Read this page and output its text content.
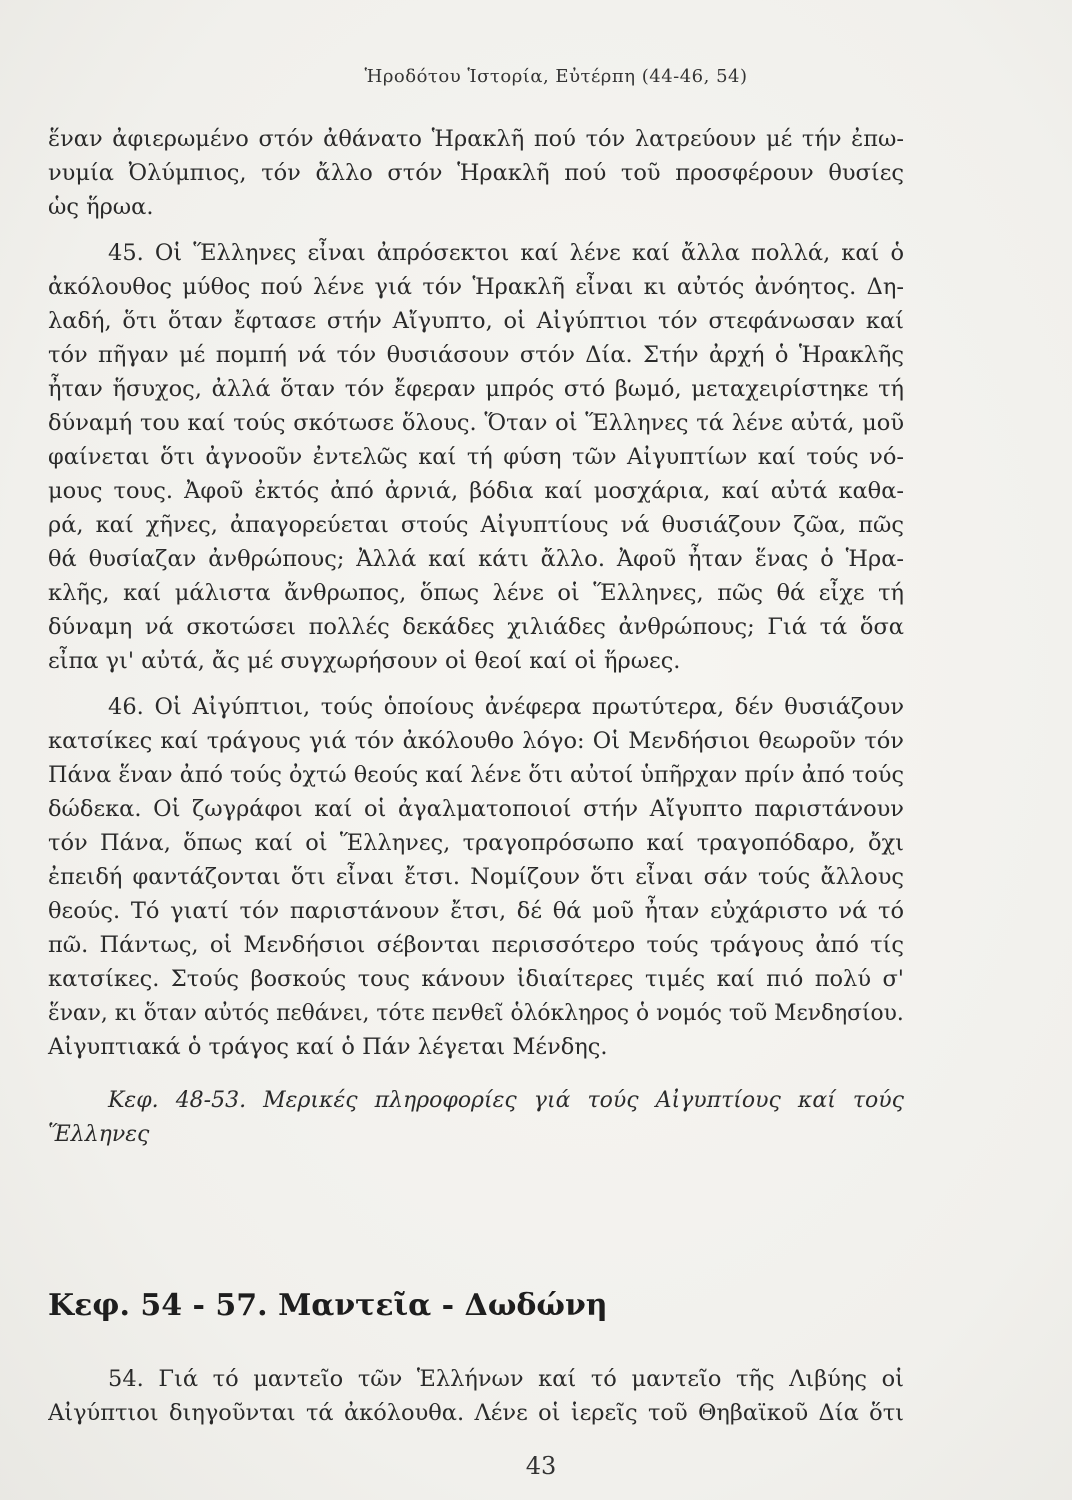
Ἡροδότου Ἱστορία, Εὐτέρπη (44-46, 54)
ἕναν ἀφιερωμένο στόν ἀθάνατο Ἡρακλῆ πού τόν λατρεύουν μέ τήν ἐπω-
νυμία Ὀλύμπιος, τόν ἄλλο στόν Ἡρακλῆ πού τοῦ προσφέρουν θυσίες
ὡς ἥρωα.
45. Οἱ Ἕλληνες εἶναι ἀπρόσεκτοι καί λένε καί ἄλλα πολλά, καί ὁ
ἀκόλουθος μύθος πού λένε γιά τόν Ἡρακλῆ εἶναι κι αὐτός ἀνόητος. Δη-
λαδή, ὅτι ὅταν ἔφτασε στήν Αἴγυπτο, οἱ Αἰγύπτιοι τόν στεφάνωσαν καί
τόν πῆγαν μέ πομπή νά τόν θυσιάσουν στόν Δία. Στήν ἀρχή ὁ Ἡρακλῆς
ἦταν ἥσυχος, ἀλλά ὅταν τόν ἔφεραν μπρός στό βωμό, μεταχειρίστηκε τή
δύναμή του καί τούς σκότωσε ὅλους. Ὅταν οἱ Ἕλληνες τά λένε αὐτά, μοῦ
φαίνεται ὅτι ἀγνοοῦν ἐντελῶς καί τή φύση τῶν Αἰγυπτίων καί τούς νό-
μους τους. Ἀφοῦ ἐκτός ἀπό ἀρνιά, βόδια καί μοσχάρια, καί αὐτά καθα-
ρά, καί χῆνες, ἀπαγορεύεται στούς Αἰγυπτίους νά θυσιάζουν ζῶα, πῶς
θά θυσίαζαν ἀνθρώπους; Ἀλλά καί κάτι ἄλλο. Ἀφοῦ ἦταν ἕνας ὁ Ἡρα-
κλῆς, καί μάλιστα ἄνθρωπος, ὅπως λένε οἱ Ἕλληνες, πῶς θά εἶχε τή
δύναμη νά σκοτώσει πολλές δεκάδες χιλιάδες ἀνθρώπους; Γιά τά ὅσα
εἶπα γι' αὐτά, ἄς μέ συγχωρήσουν οἱ θεοί καί οἱ ἥρωες.
46. Οἱ Αἰγύπτιοι, τούς ὁποίους ἀνέφερα πρωτύτερα, δέν θυσιάζουν
κατσίκες καί τράγους γιά τόν ἀκόλουθο λόγο: Οἱ Μενδήσιοι θεωροῦν τόν
Πάνα ἕναν ἀπό τούς ὀχτώ θεούς καί λένε ὅτι αὐτοί ὑπῆρχαν πρίν ἀπό τούς
δώδεκα. Οἱ ζωγράφοι καί οἱ ἀγαλματοποιοί στήν Αἴγυπτο παριστάνουν
τόν Πάνα, ὅπως καί οἱ Ἕλληνες, τραγοπρόσωπο καί τραγοπόδαρο, ὄχι
ἐπειδή φαντάζονται ὅτι εἶναι ἔτσι. Νομίζουν ὅτι εἶναι σάν τούς ἄλλους
θεούς. Τό γιατί τόν παριστάνουν ἔτσι, δέ θά μοῦ ἦταν εὐχάριστο νά τό
πῶ. Πάντως, οἱ Μενδήσιοι σέβονται περισσότερο τούς τράγους ἀπό τίς
κατσίκες. Στούς βοσκούς τους κάνουν ἰδιαίτερες τιμές καί πιό πολύ σ'
ἕναν, κι ὅταν αὐτός πεθάνει, τότε πενθεῖ ὁλόκληρος ὁ νομός τοῦ Μενδησίου.
Αἰγυπτιακά ὁ τράγος καί ὁ Πάν λέγεται Μένδης.
Κεφ. 48-53. Μερικές πληροφορίες γιά τούς Αἰγυπτίους καί τούς
Ἕλληνες
Κεφ. 54 - 57. Μαντεῖα - Δωδώνη
54. Γιά τό μαντεῖο τῶν Ἑλλήνων καί τό μαντεῖο τῆς Λιβύης οἱ
Αἰγύπτιοι διηγοῦνται τά ἀκόλουθα. Λένε οἱ ἱερεῖς τοῦ Θηβαϊκοῦ Δία ὅτι
43
